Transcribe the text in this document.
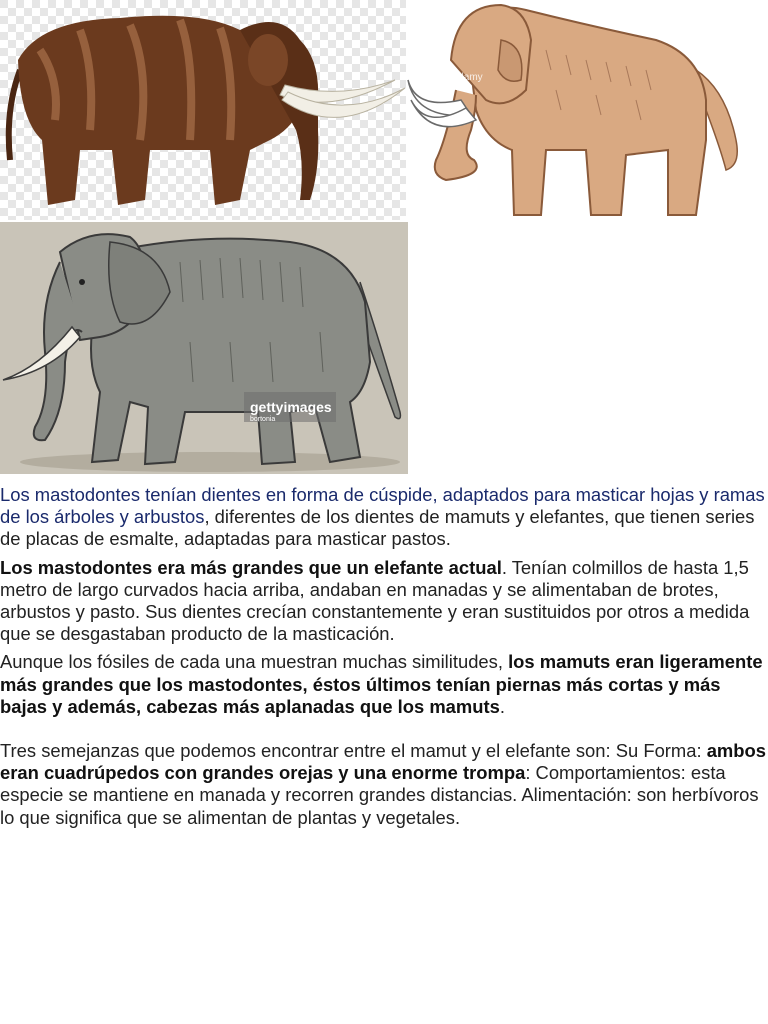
alamy
gettyimages
bortonia

Los mastodontes tenían dientes en forma de cúspide, adaptados para masticar hojas y ramas de los árboles y arbustos, diferentes de los dientes de mamuts y elefantes, que tienen series de placas de esmalte, adaptadas para masticar pastos.

Los mastodontes era más grandes que un elefante actual. Tenían colmillos de hasta 1,5 metro de largo curvados hacia arriba, andaban en manadas y se alimentaban de brotes, arbustos y pasto. Sus dientes crecían constantemente y eran sustituidos por otros a medida que se desgastaban producto de la masticación.

Aunque los fósiles de cada una muestran muchas similitudes, los mamuts eran ligeramente más grandes que los mastodontes, éstos últimos tenían piernas más cortas y más bajas y además, cabezas más aplanadas que los mamuts.

Tres semejanzas que podemos encontrar entre el mamut y el elefante son: Su Forma: ambos eran cuadrúpedos con grandes orejas y una enorme trompa: Comportamientos: esta especie se mantiene en manada y recorren grandes distancias. Alimentación: son herbívoros lo que significa que se alimentan de plantas y vegetales.
